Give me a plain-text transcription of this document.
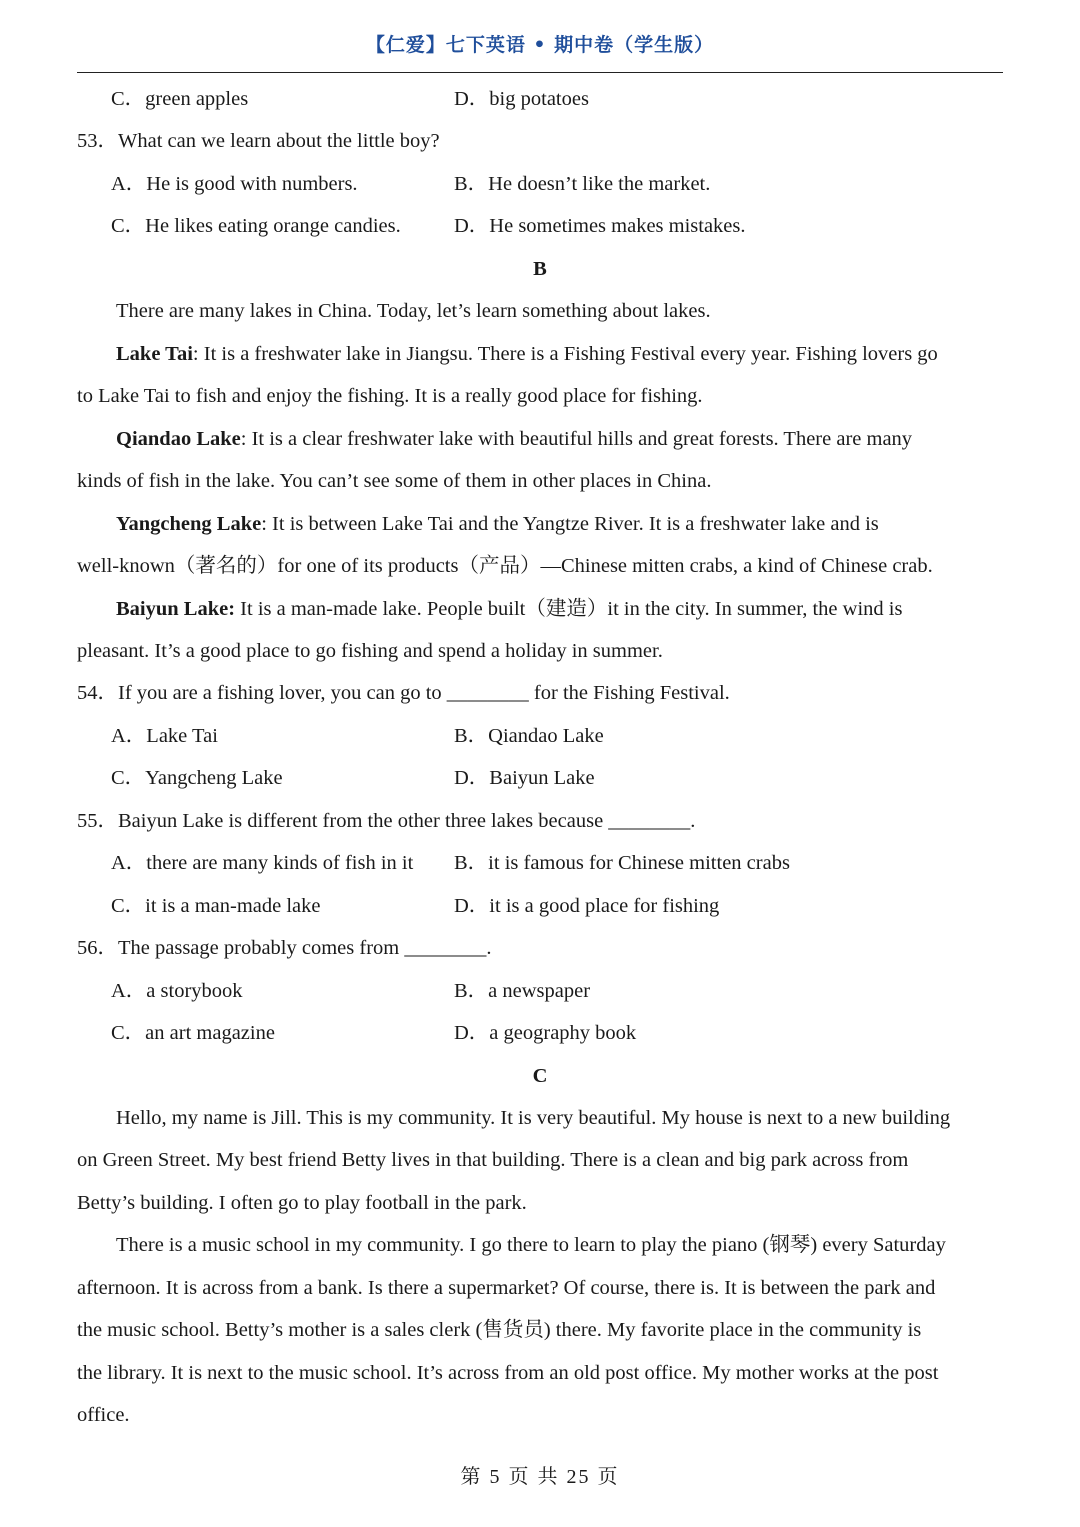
【仁爱】七下英语 • 期中卷（学生版）
C．green apples	D．big potatoes
53．What can we learn about the little boy?
A．He is good with numbers.	B．He doesn’t like the market.
C．He likes eating orange candies.	D．He sometimes makes mistakes.
B
There are many lakes in China. Today, let’s learn something about lakes.
Lake Tai: It is a freshwater lake in Jiangsu. There is a Fishing Festival every year. Fishing lovers go
to Lake Tai to fish and enjoy the fishing. It is a really good place for fishing.
Qiandao Lake: It is a clear freshwater lake with beautiful hills and great forests. There are many
kinds of fish in the lake. You can’t see some of them in other places in China.
Yangcheng Lake: It is between Lake Tai and the Yangtze River. It is a freshwater lake and is
well-known（著名的）for one of its products（产品）—Chinese mitten crabs, a kind of Chinese crab.
Baiyun Lake: It is a man-made lake. People built（建造）it in the city. In summer, the wind is
pleasant. It’s a good place to go fishing and spend a holiday in summer.
54．If you are a fishing lover, you can go to ________ for the Fishing Festival.
A．Lake Tai	B．Qiandao Lake
C．Yangcheng Lake	D．Baiyun Lake
55．Baiyun Lake is different from the other three lakes because ________.
A．there are many kinds of fish in it B．it is famous for Chinese mitten crabs
C．it is a man-made lake	D．it is a good place for fishing
56．The passage probably comes from ________.
A．a storybook	B．a newspaper
C．an art magazine	D．a geography book
C
Hello, my name is Jill. This is my community. It is very beautiful. My house is next to a new building
on Green Street. My best friend Betty lives in that building. There is a clean and big park across from
Betty’s building. I often go to play football in the park.
There is a music school in my community. I go there to learn to play the piano (钢琴) every Saturday
afternoon. It is across from a bank. Is there a supermarket? Of course, there is. It is between the park and
the music school. Betty’s mother is a sales clerk (售货员) there. My favorite place in the community is
the library. It is next to the music school. It’s across from an old post office. My mother works at the post
office.
第 5 页 共 25 页
